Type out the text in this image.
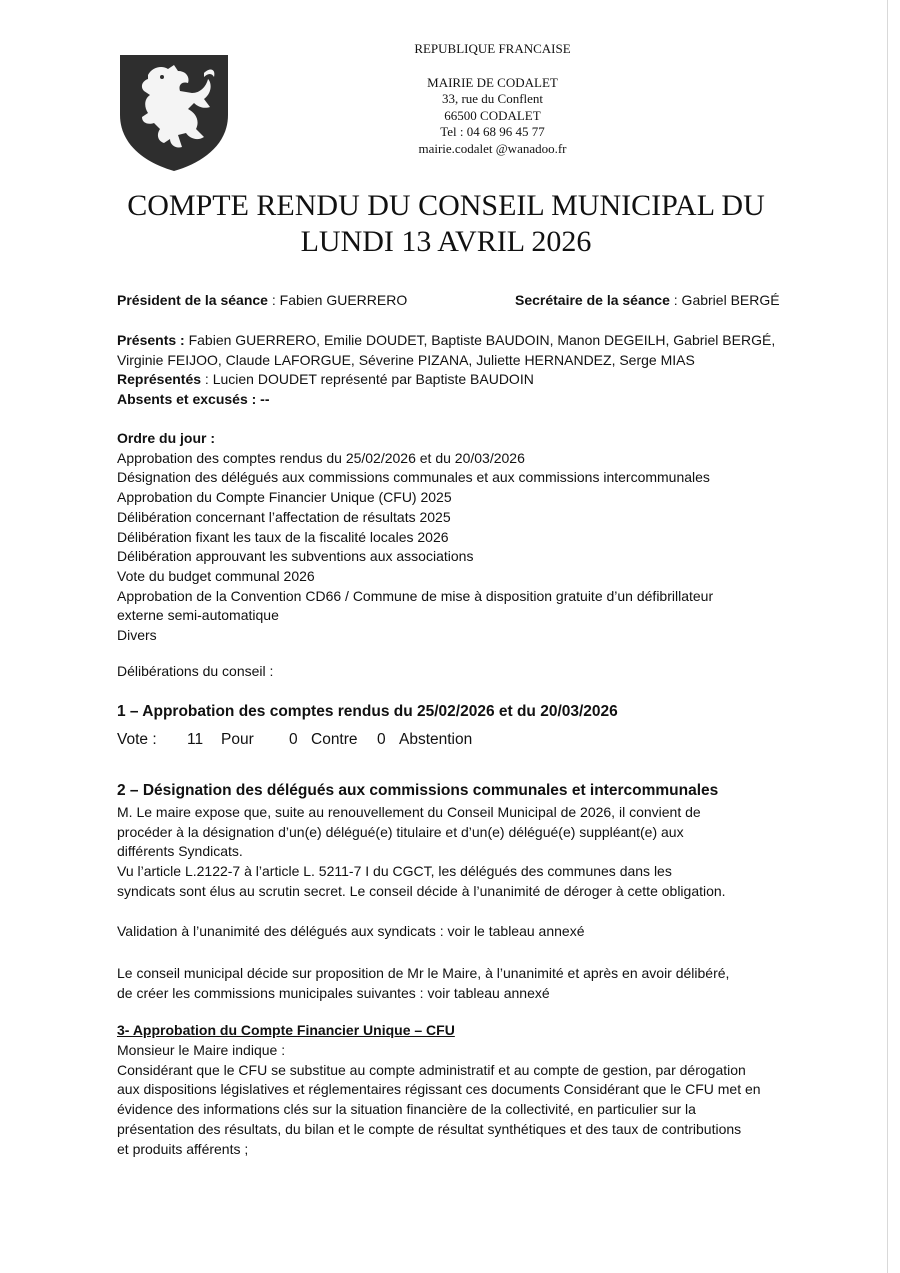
REPUBLIQUE FRANCAISE
MAIRIE DE CODALET
33, rue du Conflent
66500 CODALET
Tel : 04 68 96 45 77
mairie.codalet @wanadoo.fr
COMPTE RENDU DU CONSEIL MUNICIPAL DU
LUNDI 13 AVRIL 2026
Président de la séance : Fabien GUERRERO	Secrétaire de la séance : Gabriel BERGÉ
Présents : Fabien GUERRERO, Emilie DOUDET, Baptiste BAUDOIN, Manon DEGEILH, Gabriel BERGÉ,
Virginie FEIJOO, Claude LAFORGUE, Séverine PIZANA, Juliette HERNANDEZ, Serge MIAS
Représentés : Lucien DOUDET représenté par Baptiste BAUDOIN
Absents et excusés : --
Ordre du jour :
Approbation des comptes rendus du 25/02/2026 et du 20/03/2026
Désignation des délégués aux commissions communales et aux commissions intercommunales
Approbation du Compte Financier Unique (CFU) 2025
Délibération concernant l’affectation de résultats 2025
Délibération fixant les taux de la fiscalité locales 2026
Délibération approuvant les subventions aux associations
Vote du budget communal 2026
Approbation de la Convention CD66 / Commune de mise à disposition gratuite d’un défibrillateur
externe semi-automatique
Divers
Délibérations du conseil :
1 – Approbation des comptes rendus du 25/02/2026 et du 20/03/2026
Vote : 11 Pour 0 Contre 0 Abstention
2 – Désignation des délégués aux commissions communales et intercommunales
M. Le maire expose que, suite au renouvellement du Conseil Municipal de 2026, il convient de
procéder à la désignation d’un(e) délégué(e) titulaire et d’un(e) délégué(e) suppléant(e) aux
différents Syndicats.
Vu l’article L.2122-7 à l’article L. 5211-7 I du CGCT, les délégués des communes dans les
syndicats sont élus au scrutin secret. Le conseil décide à l’unanimité de déroger à cette obligation.
Validation à l’unanimité des délégués aux syndicats : voir le tableau annexé
Le conseil municipal décide sur proposition de Mr le Maire, à l’unanimité et après en avoir délibéré,
de créer les commissions municipales suivantes : voir tableau annexé
3- Approbation du Compte Financier Unique – CFU
Monsieur le Maire indique :
Considérant que le CFU se substitue au compte administratif et au compte de gestion, par dérogation
aux dispositions législatives et réglementaires régissant ces documents Considérant que le CFU met en
évidence des informations clés sur la situation financière de la collectivité, en particulier sur la
présentation des résultats, du bilan et le compte de résultat synthétiques et des taux de contributions
et produits afférents ;
